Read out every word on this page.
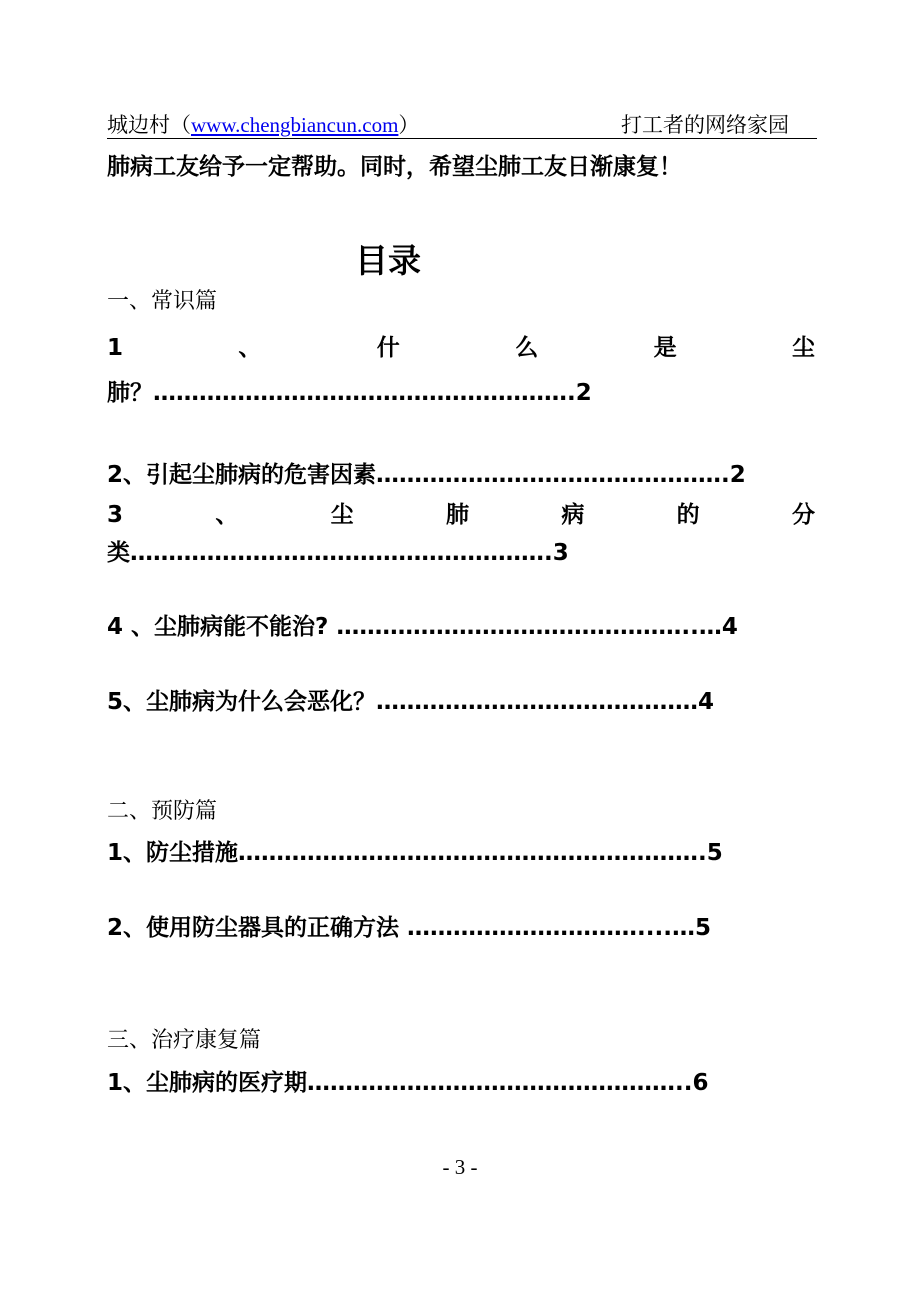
城边村（www.chengbiancun.com）	打工者的网络家园
肺病工友给予一定帮助。同时，希望尘肺工友日渐康复！
目录
一、常识篇
1	、	什	么	是	尘
肺？……………………………………………….2
2、引起尘肺病的危害因素……………………………………….2
3	、	尘	肺	病	的	分
类……………………………………………….3
4 、尘肺病能不能治? ………………………………………..…4
5、尘肺病为什么会恶化？……………………………………4
二、预防篇
1、防尘措施…………………………………………………….5
2、使用防尘器具的正确方法 …………………………....…5
三、治疗康复篇
1、尘肺病的医疗期…………………………………………..6
- 3 -
